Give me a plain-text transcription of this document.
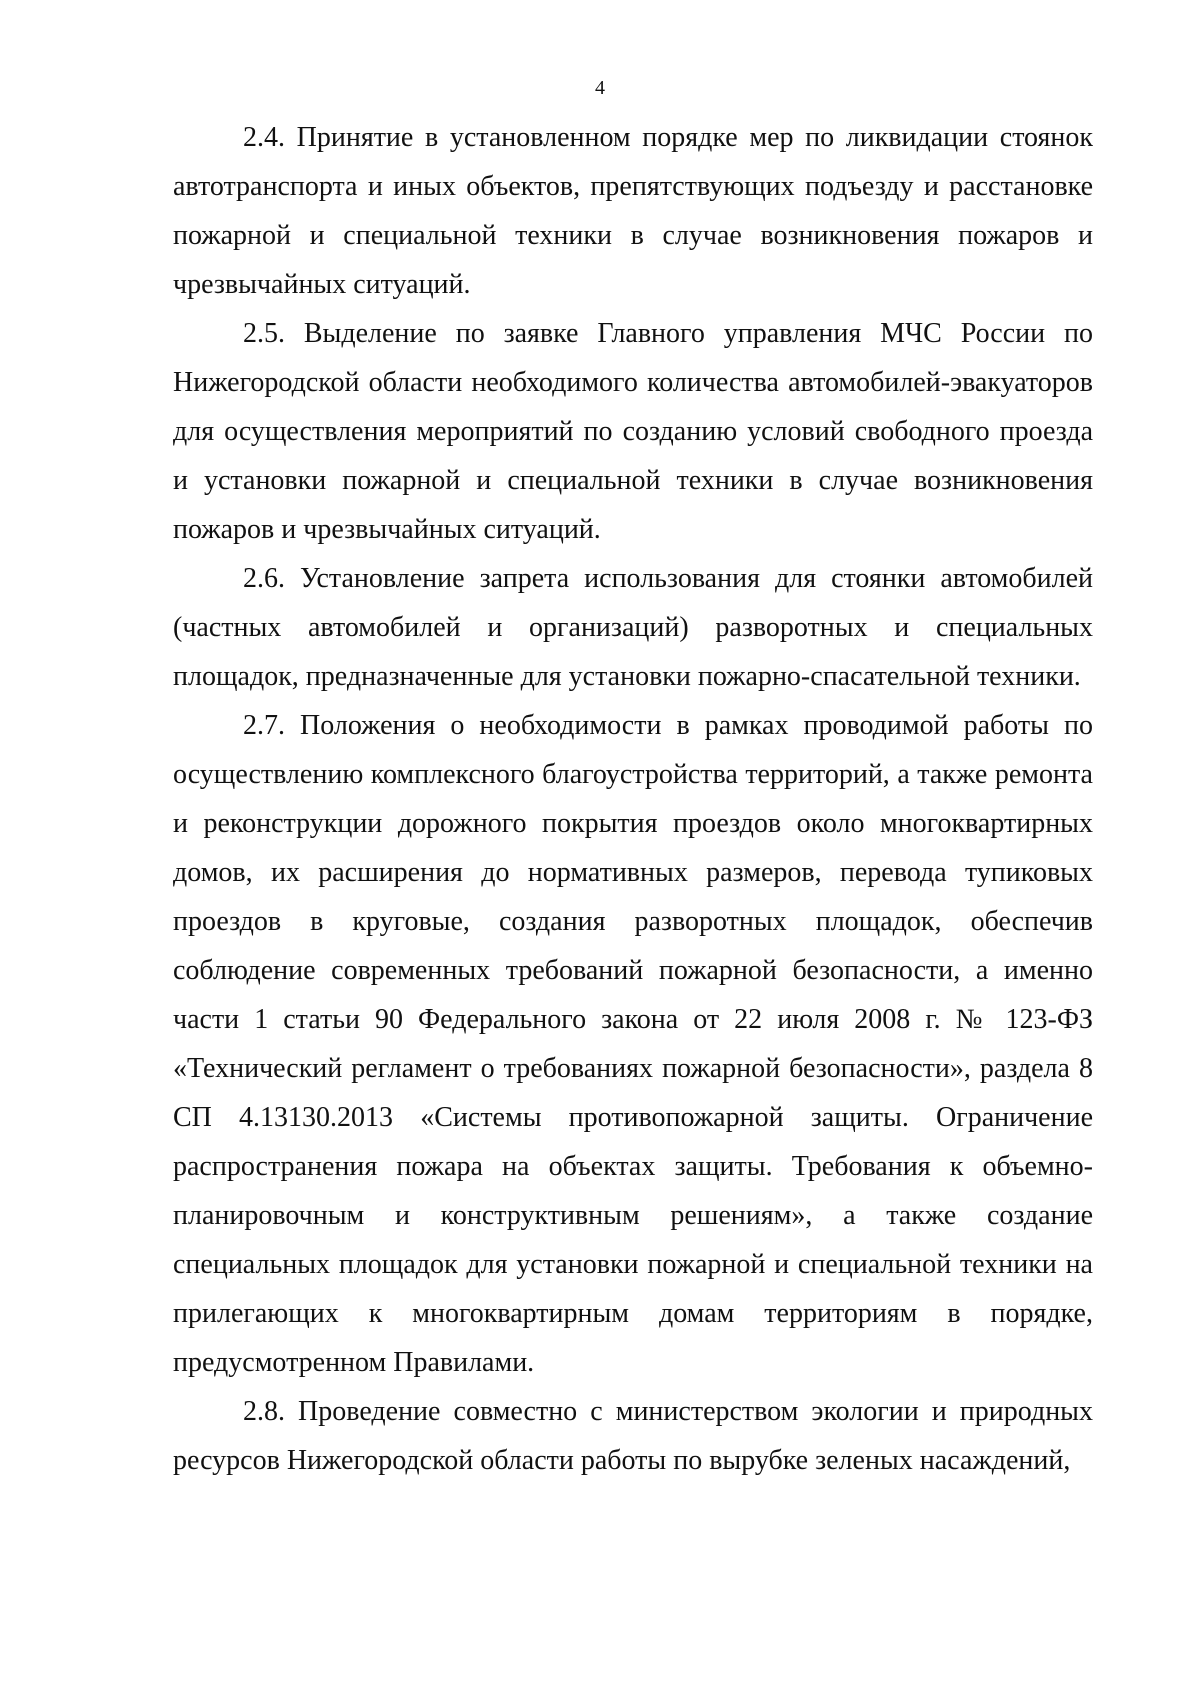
4

2.4. Принятие в установленном порядке мер по ликвидации стоянок автотранспорта и иных объектов, препятствующих подъезду и расстановке пожарной и специальной техники в случае возникновения пожаров и чрезвычайных ситуаций.

2.5. Выделение по заявке Главного управления МЧС России по Нижегородской области необходимого количества автомобилей-эвакуаторов для осуществления мероприятий по созданию условий свободного проезда и установки пожарной и специальной техники в случае возникновения пожаров и чрезвычайных ситуаций.

2.6. Установление запрета использования для стоянки автомобилей (частных автомобилей и организаций) разворотных и специальных площадок, предназначенные для установки пожарно-спасательной техники.

2.7. Положения о необходимости в рамках проводимой работы по осуществлению комплексного благоустройства территорий, а также ремонта и реконструкции дорожного покрытия проездов около многоквартирных домов, их расширения до нормативных размеров, перевода тупиковых проездов в круговые, создания разворотных площадок, обеспечив соблюдение современных требований пожарной безопасности, а именно части 1 статьи 90 Федерального закона от 22 июля 2008 г. № 123-ФЗ «Технический регламент о требованиях пожарной безопасности», раздела 8 СП 4.13130.2013 «Системы противопожарной защиты. Ограничение распространения пожара на объектах защиты. Требования к объемно-планировочным и конструктивным решениям», а также создание специальных площадок для установки пожарной и специальной техники на прилегающих к многоквартирным домам территориям в порядке, предусмотренном Правилами.

2.8. Проведение совместно с министерством экологии и природных ресурсов Нижегородской области работы по вырубке зеленых насаждений,
